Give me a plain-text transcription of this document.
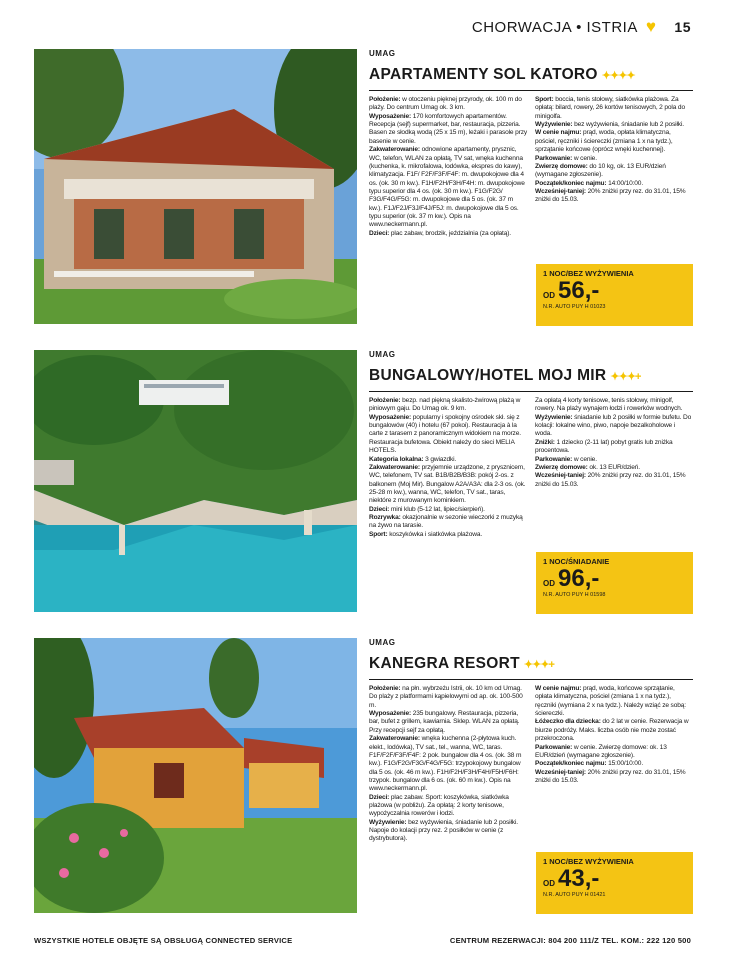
CHORWACJA • ISTRIA ♥ 15
UMAG
APARTAMENTY SOL KATORO ✦✦✦✦

Położenie: w otoczeniu pięknej przyrody, ok. 100 m do plaży. Do centrum Umag ok. 3 km.

Wyposażenie: 170 komfortowych apartamentów. Recepcja (sejf) supermarket, bar, restauracja, pizzeria. Basen ze słodką wodą (25 x 15 m), leżaki i parasole przy basenie w cenie.

Zakwaterowanie: odnowione apartamenty, prysznic, WC, telefon, WLAN za opłatą, TV sat, wnęka kuchenna (kuchenka, k. mikrofalowa, lodówka, ekspres do kawy), klimatyzacja. F1F/ F2F/F3F/F4F: m. dwupokojowe dla 4 os. (ok. 30 m kw.). F1H/F2H/F3H/F4H: m. dwupokojowe typu superior dla 4 os. (ok. 30 m kw.). F1G/F2G/ F3G/F4G/F5G: m. dwupokojowe dla 5 os. (ok. 37 m kw.). F1J/F2J/F3J/F4J/F5J: m. dwupokojowe dla 5 os. typu superior (ok. 37 m kw.). Opis na www.neckermann.pl.

Dzieci: plac zabaw, brodzik, jeździalnia (za opłatą).

Sport: boccia, tenis stołowy, siatkówka plażowa. Za opłatą: bilard, rowery, 26 kortów tenisowych, 2 pola do minigolfa.

Wyżywienie: bez wyżywienia, śniadanie lub 2 posiłki.

W cenie najmu: prąd, woda, opłata klimatyczna, pościel, ręczniki i ściereczki (zmiana 1 x na tydz.), sprzątanie końcowe (oprócz wnęki kuchennej).

Parkowanie: w cenie.

Zwierzę domowe: do 10 kg, ok. 13 EUR/dzień (wymagane zgłoszenie).

Początek/koniec najmu: 14:00/10:00.

Wcześniej-taniej: 20% zniżki przy rez. do 31.01, 15% zniżki do 15.03.

1 NOC/BEZ WYŻYWIENIA
OD 56,-
N.R. AUTO PUY H 01023
UMAG
BUNGALOWY/HOTEL MOJ MIR ✦✦✦+

Położenie: bezp. nad piękną skalisto-żwirową plażą w piniowym gaju. Do Umag ok. 9 km.

Wyposażenie: popularny i spokojny ośrodek skł. się z bungalowów (40) i hotelu (67 pokoi). Restauracja à la carte z tarasem z panoramicznym widokiem na morze. Restauracja bufetowa. Obiekt należy do sieci MELIA HOTELS.

Kategoria lokalna: 3 gwiazdki.

Zakwaterowanie: przyjemnie urządzone, z prysznicem, WC, telefonem, TV sat. B1B/B2B/B3B: pokój 2-os. z balkonem (Moj Mir). Bungalow A2A/A3A: dla 2-3 os. (ok. 25-28 m kw.), wanna, WC, telefon, TV sat., taras, niektóre z murowanym kominkiem.

Dzieci: mini klub (5-12 lat, lipiec/sierpień).

Rozrywka: okazjonalnie w sezonie wieczorki z muzyką na żywo na tarasie.

Sport: koszykówka i siatkówka plażowa.

Za opłatą 4 korty tenisowe, tenis stołowy, minigolf, rowery. Na plaży wynajem łodzi i rowerków wodnych.

Wyżywienie: śniadanie lub 2 posiłki w formie bufetu. Do kolacji: lokalne wino, piwo, napoje bezalkoholowe i woda.

Zniżki: 1 dziecko (2-11 lat) pobyt gratis lub zniżka procentowa.

Parkowanie: w cenie.

Zwierzę domowe: ok. 13 EUR/dzień.

Wcześniej-taniej: 20% zniżki przy rez. do 31.01, 15% zniżki do 15.03.

1 NOC/ŚNIADANIE
OD 96,-
N.R. AUTO PUY H 01598
UMAG
KANEGRA RESORT ✦✦✦+

Położenie: na płn. wybrzeżu Istrii, ok. 10 km od Umag. Do plaży z platformami kąpielowymi od ap. ok. 100-500 m.

Wyposażenie: 235 bungalowy. Restauracja, pizzeria, bar, bufet z grillem, kawiarnia. Sklep. WLAN za opłatą. Przy recepcji sejf za opłatą.

Zakwaterowanie: wnęka kuchenna (2-płytowa kuch. elekt., lodówka), TV sat., tel., wanna, WC, taras. F1F/F2F/F3F/F4F: 2 pok. bungalow dla 4 os. (ok. 38 m kw.). F1G/F2G/F3G/F4G/F5G: trzypokojowy bungalow dla 5 os. (ok. 46 m kw.). F1H/F2H/F3H/F4H/F5H/F6H: trzypok. bungalow dla 6 os. (ok. 60 m kw.). Opis na www.neckermann.pl.

Dzieci: plac zabaw. Sport: koszykówka, siatkówka plażowa (w pobliżu). Za opłatą: 2 korty tenisowe, wypożyczalnia rowerów i łodzi.

Wyżywienie: bez wyżywienia, śniadanie lub 2 posiłki. Napoje do kolacji przy rez. 2 posiłków w cenie (z dystrybutora).

W cenie najmu: prąd, woda, końcowe sprzątanie, opłata klimatyczna, pościel (zmiana 1 x na tydz.), ręczniki (wymiana 2 x na tydz.). Należy wziąć ze sobą: ściereczki.

Łóżeczko dla dziecka: do 2 lat w cenie. Rezerwacja w biurze podróży. Maks. liczba osób nie może zostać przekroczona.

Parkowanie: w cenie. Zwierzę domowe: ok. 13 EUR/dzień (wymagane zgłoszenie).

Początek/koniec najmu: 15:00/10:00.

Wcześniej-taniej: 20% zniżki przy rez. do 31.01, 15% zniżki do 15.03.

1 NOC/BEZ WYŻYWIENIA
OD 43,-
N.R. AUTO PUY H 01421
WSZYSTKIE HOTELE OBJĘTE SĄ OBSŁUGĄ CONNECTED SERVICE	CENTRUM REZERWACJI: 804 200 111/Z TEL. KOM.: 222 120 500
